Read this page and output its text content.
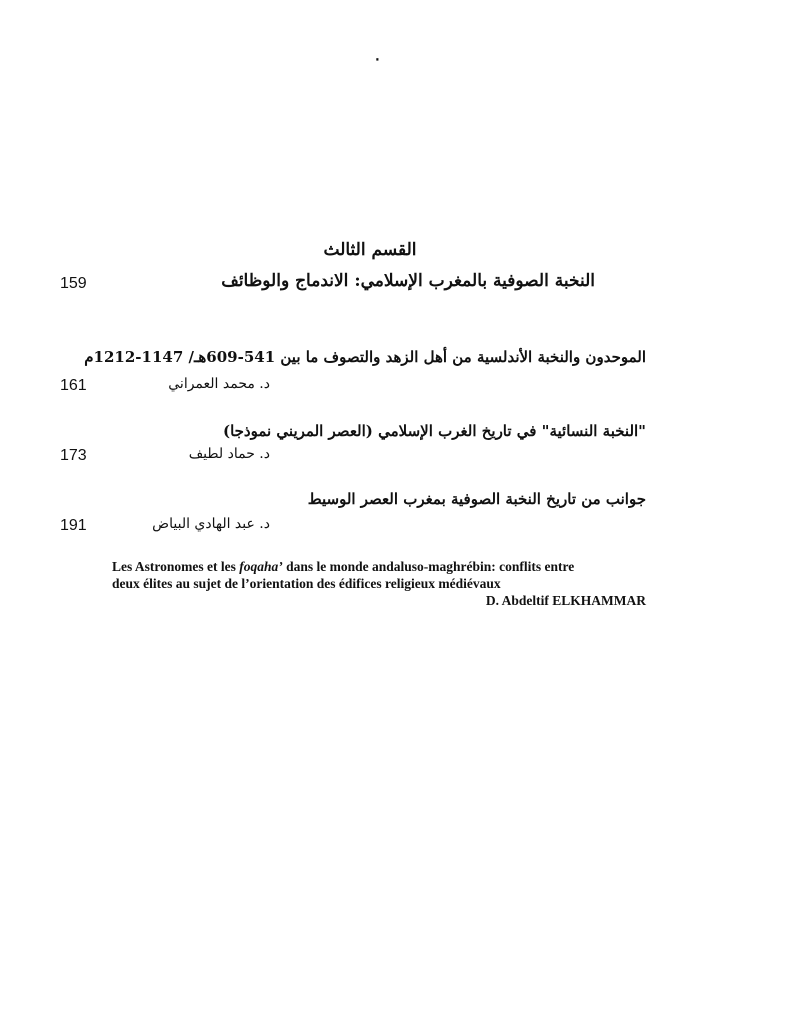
٠
القسم الثالث
النخبة الصوفية بالمغرب الإسلامي: الاندماج والوظائف
159
الموحدون والنخبة الأندلسية من أهل الزهد والتصوف ما بين 541-609هـ/ 1147-1212م
د. محمد العمراني
161
"النخبة النسائية" في تاريخ الغرب الإسلامي (العصر المريني نموذجا)
د. حماد لطيف
173
جوانب من تاريخ النخبة الصوفية بمغرب العصر الوسيط
د. عبد الهادي البياض
191
Les Astronomes et les foqaha’ dans le monde andaluso-maghrébin: conflits entre
deux élites au sujet de l’orientation des édifices religieux médiévaux
D. Abdeltif ELKHAMMAR
